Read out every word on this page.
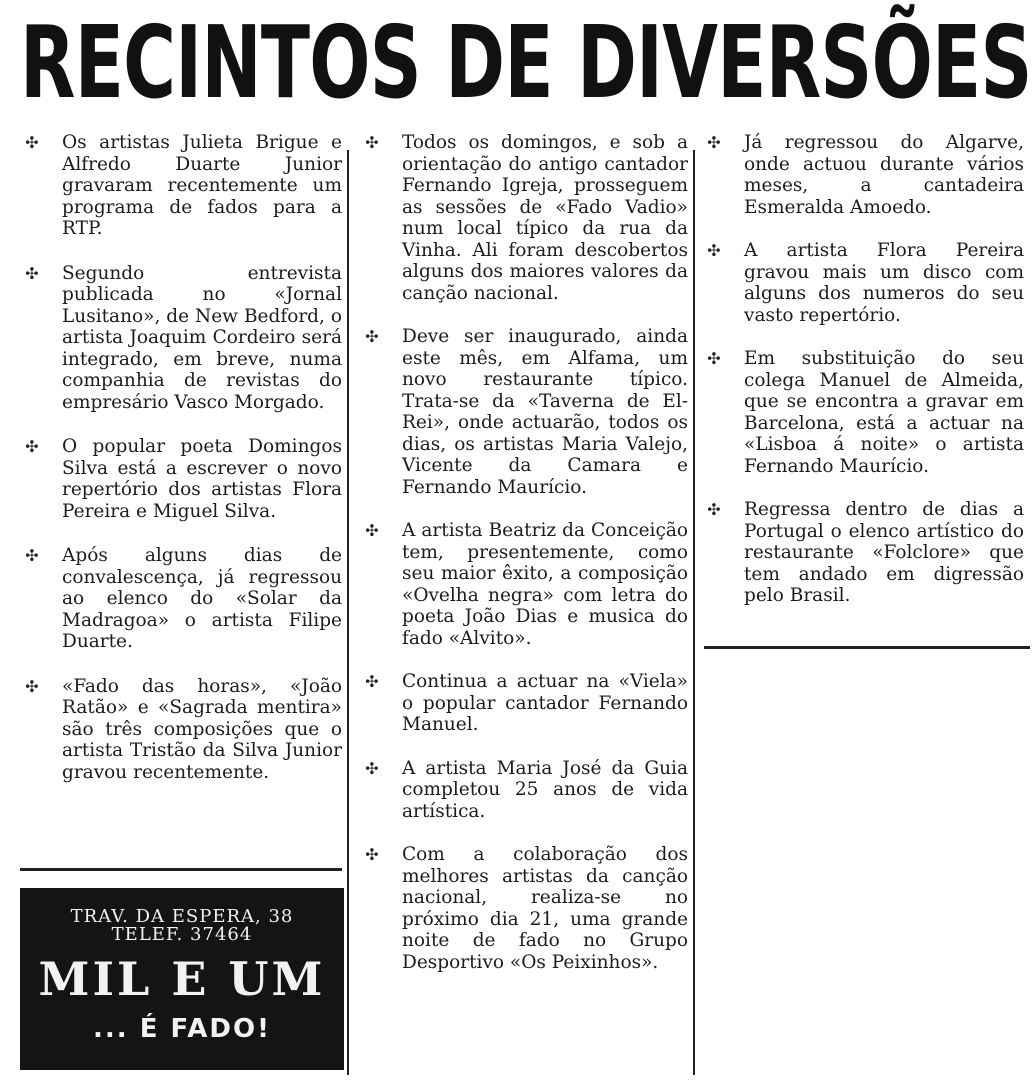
RECINTOS DE DIVERSÕES

✣ Os artistas Julieta Brigue e Alfredo Duarte Junior gravaram recentemente um programa de fados para a RTP.

✣ Segundo entrevista publicada no «Jornal Lusitano», de New Bedford, o artista Joaquim Cordeiro será integrado, em breve, numa companhia de revistas do empresário Vasco Morgado.

✣ O popular poeta Domingos Silva está a escrever o novo repertório dos artistas Flora Pereira e Miguel Silva.

✣ Após alguns dias de convalescença, já regressou ao elenco do «Solar da Madragoa» o artista Filipe Duarte.

✣ «Fado das horas», «João Ratão» e «Sagrada mentira» são três composições que o artista Tristão da Silva Junior gravou recentemente.

✣ Todos os domingos, e sob a orientação do antigo cantador Fernando Igreja, prosseguem as sessões de «Fado Vadio» num local típico da rua da Vinha. Ali foram descobertos alguns dos maiores valores da canção nacional.

✣ Deve ser inaugurado, ainda este mês, em Alfama, um novo restaurante típico. Trata-se da «Taverna de El-Rei», onde actuarão, todos os dias, os artistas Maria Valejo, Vicente da Camara e Fernando Maurício.

✣ A artista Beatriz da Conceição tem, presentemente, como seu maior êxito, a composição «Ovelha negra» com letra do poeta João Dias e musica do fado «Alvito».

✣ Continua a actuar na «Viela» o popular cantador Fernando Manuel.

✣ A artista Maria José da Guia completou 25 anos de vida artística.

✣ Com a colaboração dos melhores artistas da canção nacional, realiza-se no próximo dia 21, uma grande noite de fado no Grupo Desportivo «Os Peixinhos».

✣ Já regressou do Algarve, onde actuou durante vários meses, a cantadeira Esmeralda Amoedo.

✣ A artista Flora Pereira gravou mais um disco com alguns dos numeros do seu vasto repertório.

✣ Em substituição do seu colega Manuel de Almeida, que se encontra a gravar em Barcelona, está a actuar na «Lisboa á noite» o artista Fernando Maurício.

✣ Regressa dentro de dias a Portugal o elenco artístico do restaurante «Folclore» que tem andado em digressão pelo Brasil.

TRAV. DA ESPERA, 38
TELEF. 37464
MIL E UM
... É FADO!
